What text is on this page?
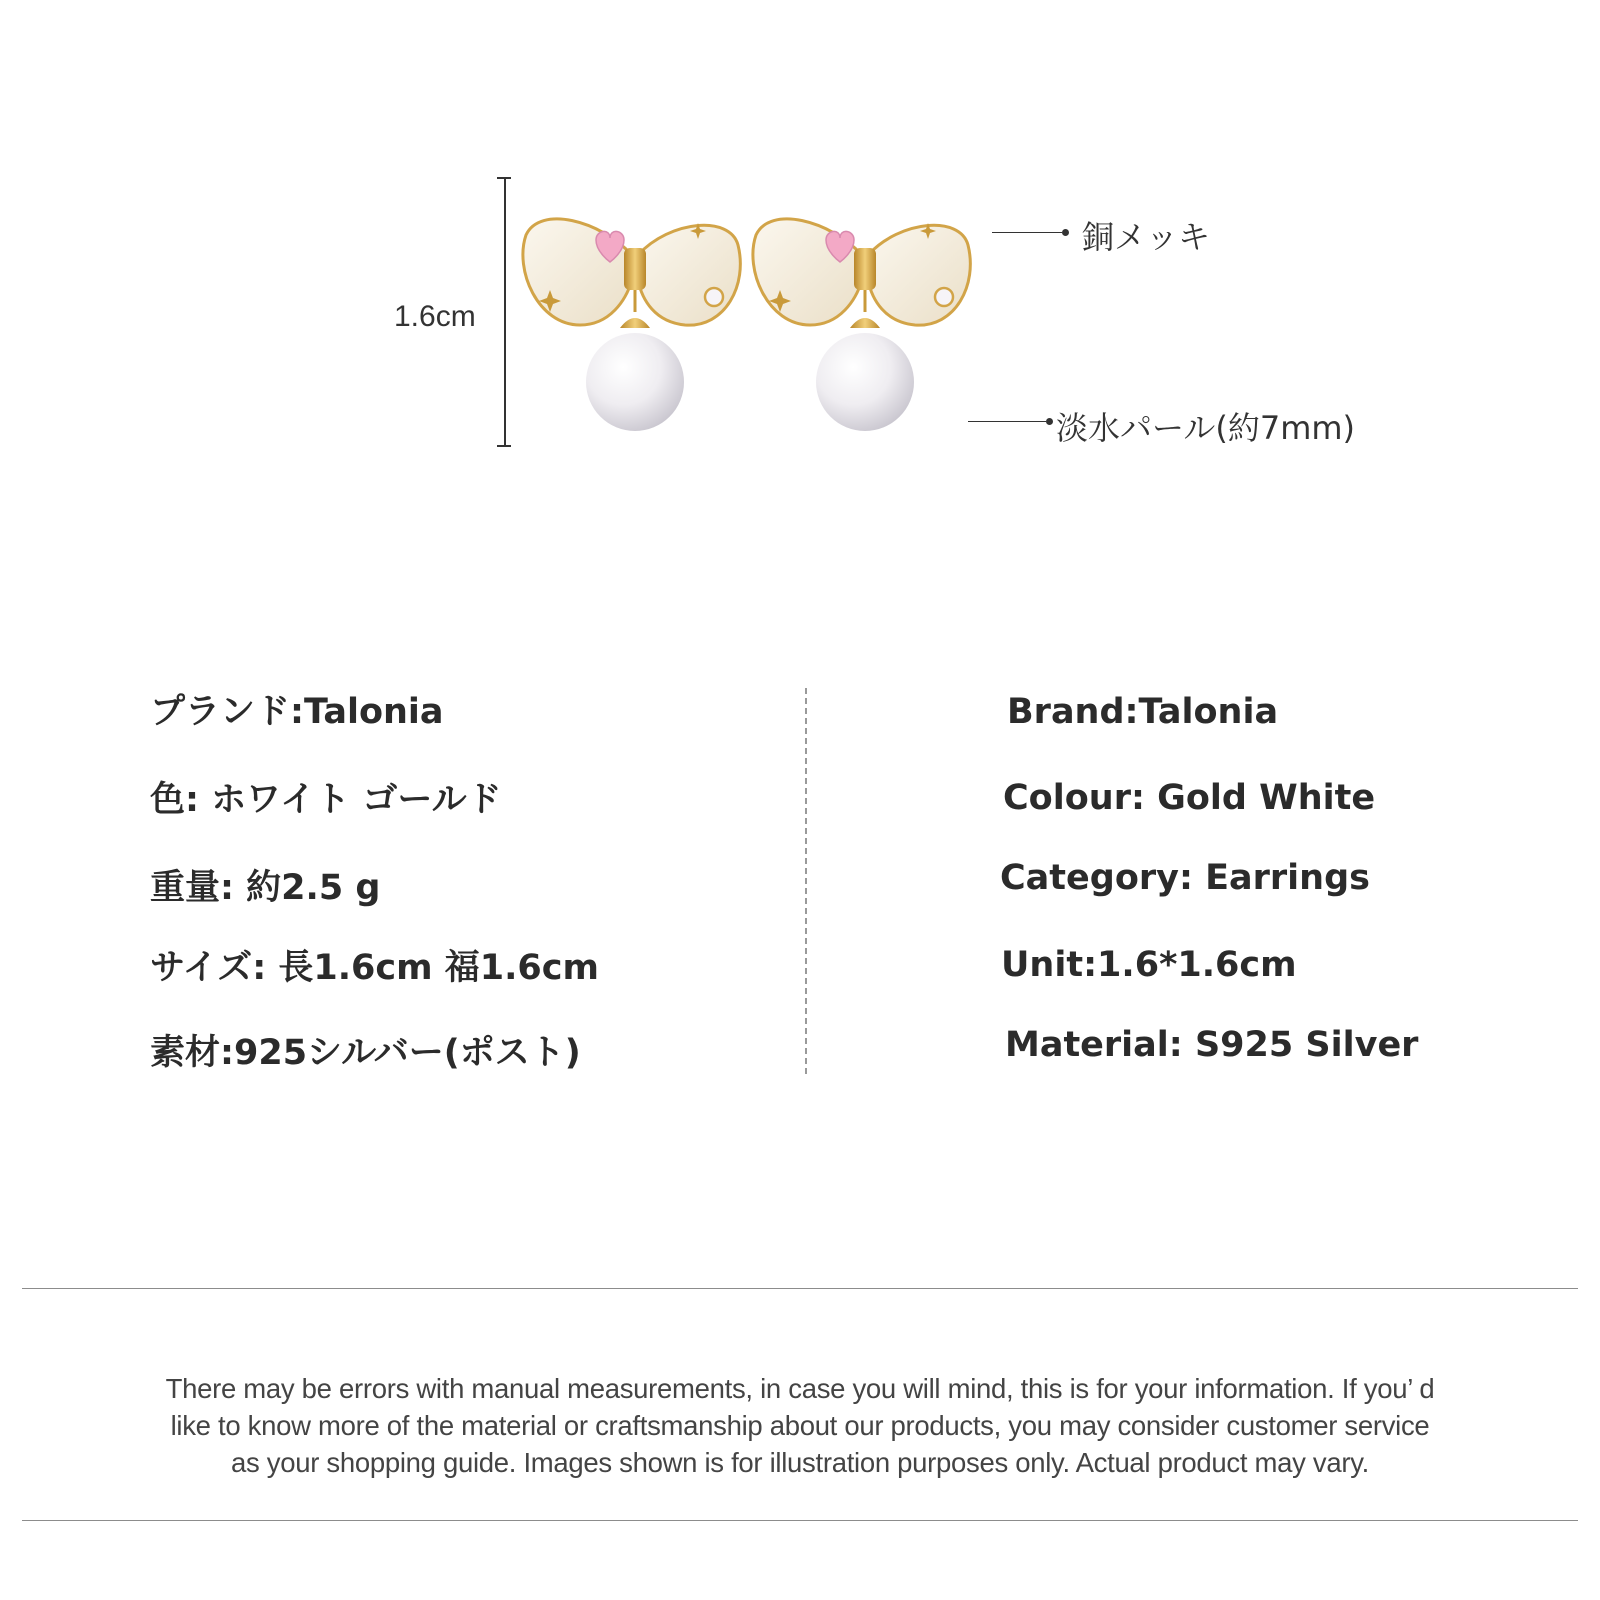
1.6cm
銅メッキ
淡水パール(約7mm)
プランド:Talonia
色: ホワイト ゴールド
重量: 約2.5 g
サイズ: 長1.6cm 福1.6cm
素材:925シルバー(ポスト)
Brand:Talonia
Colour: Gold White
Category: Earrings
Unit:1.6*1.6cm
Material: S925 Silver
There may be errors with manual measurements, in case you will mind, this is for your information. If you’ d
like to know more of the material or craftsmanship about our products, you may consider customer service
as your shopping guide. Images shown is for illustration purposes only. Actual product may vary.
